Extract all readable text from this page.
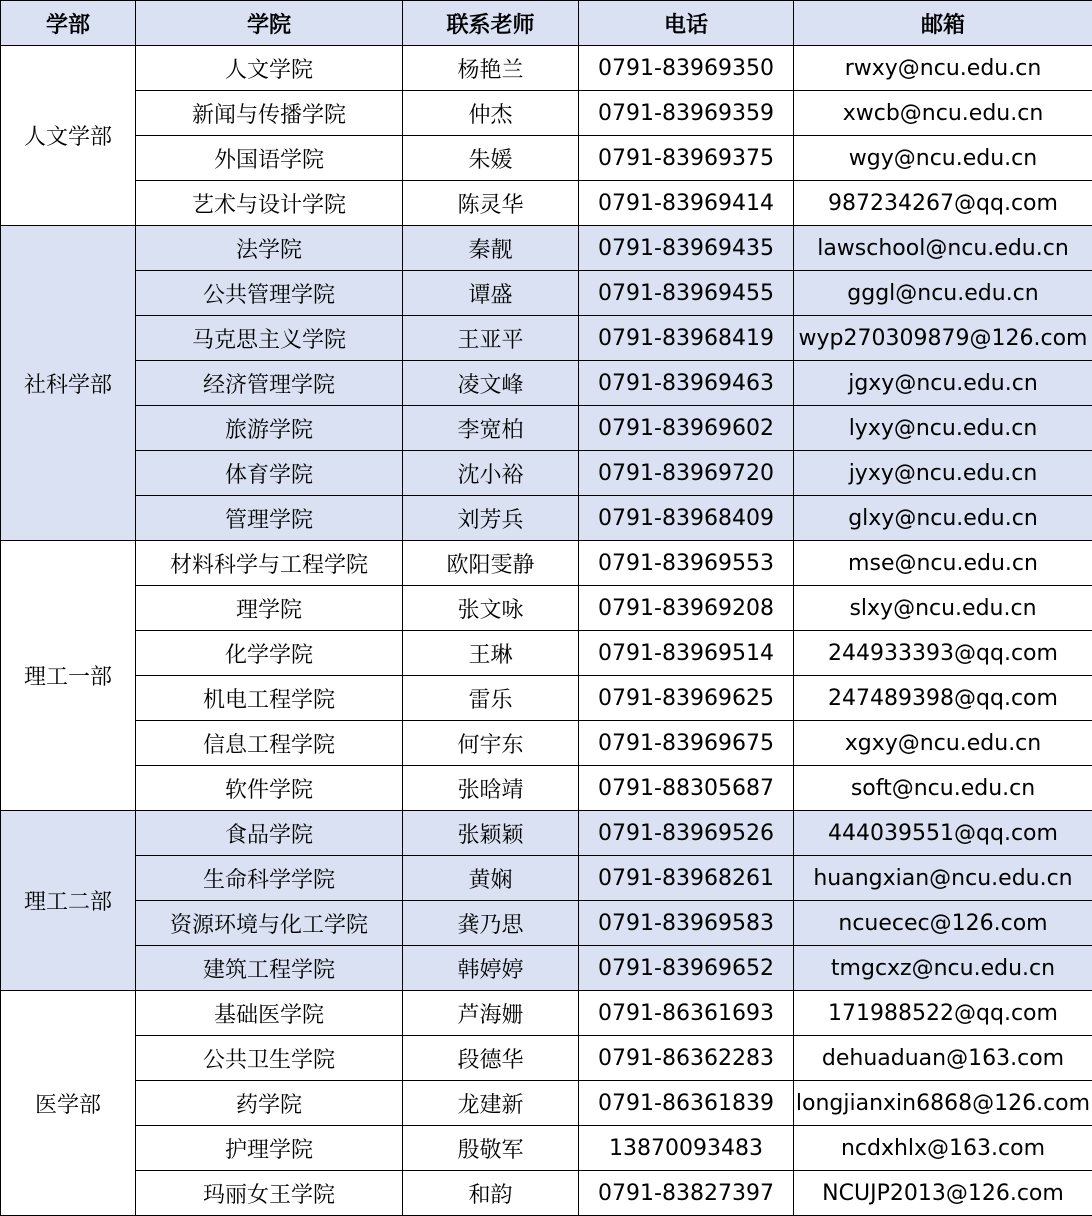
学部	学院	联系老师	电话	邮箱
人文学部	人文学院	杨艳兰	0791-83969350	rwxy@ncu.edu.cn
	新闻与传播学院	仲杰	0791-83969359	xwcb@ncu.edu.cn
	外国语学院	朱媛	0791-83969375	wgy@ncu.edu.cn
	艺术与设计学院	陈灵华	0791-83969414	987234267@qq.com
社科学部	法学院	秦靓	0791-83969435	lawschool@ncu.edu.cn
	公共管理学院	谭盛	0791-83969455	gggl@ncu.edu.cn
	马克思主义学院	王亚平	0791-83968419	wyp270309879@126.com
	经济管理学院	凌文峰	0791-83969463	jgxy@ncu.edu.cn
	旅游学院	李宽柏	0791-83969602	lyxy@ncu.edu.cn
	体育学院	沈小裕	0791-83969720	jyxy@ncu.edu.cn
	管理学院	刘芳兵	0791-83968409	glxy@ncu.edu.cn
理工一部	材料科学与工程学院	欧阳雯静	0791-83969553	mse@ncu.edu.cn
	理学院	张文咏	0791-83969208	slxy@ncu.edu.cn
	化学学院	王琳	0791-83969514	244933393@qq.com
	机电工程学院	雷乐	0791-83969625	247489398@qq.com
	信息工程学院	何宇东	0791-83969675	xgxy@ncu.edu.cn
	软件学院	张晗靖	0791-88305687	soft@ncu.edu.cn
理工二部	食品学院	张颖颖	0791-83969526	444039551@qq.com
	生命科学学院	黄娴	0791-83968261	huangxian@ncu.edu.cn
	资源环境与化工学院	龚乃思	0791-83969583	ncuecec@126.com
	建筑工程学院	韩婷婷	0791-83969652	tmgcxz@ncu.edu.cn
医学部	基础医学院	芦海姗	0791-86361693	171988522@qq.com
	公共卫生学院	段德华	0791-86362283	dehuaduan@163.com
	药学院	龙建新	0791-86361839	longjianxin6868@126.com
	护理学院	殷敬军	13870093483	ncdxhlx@163.com
	玛丽女王学院	和韵	0791-83827397	NCUJP2013@126.com
